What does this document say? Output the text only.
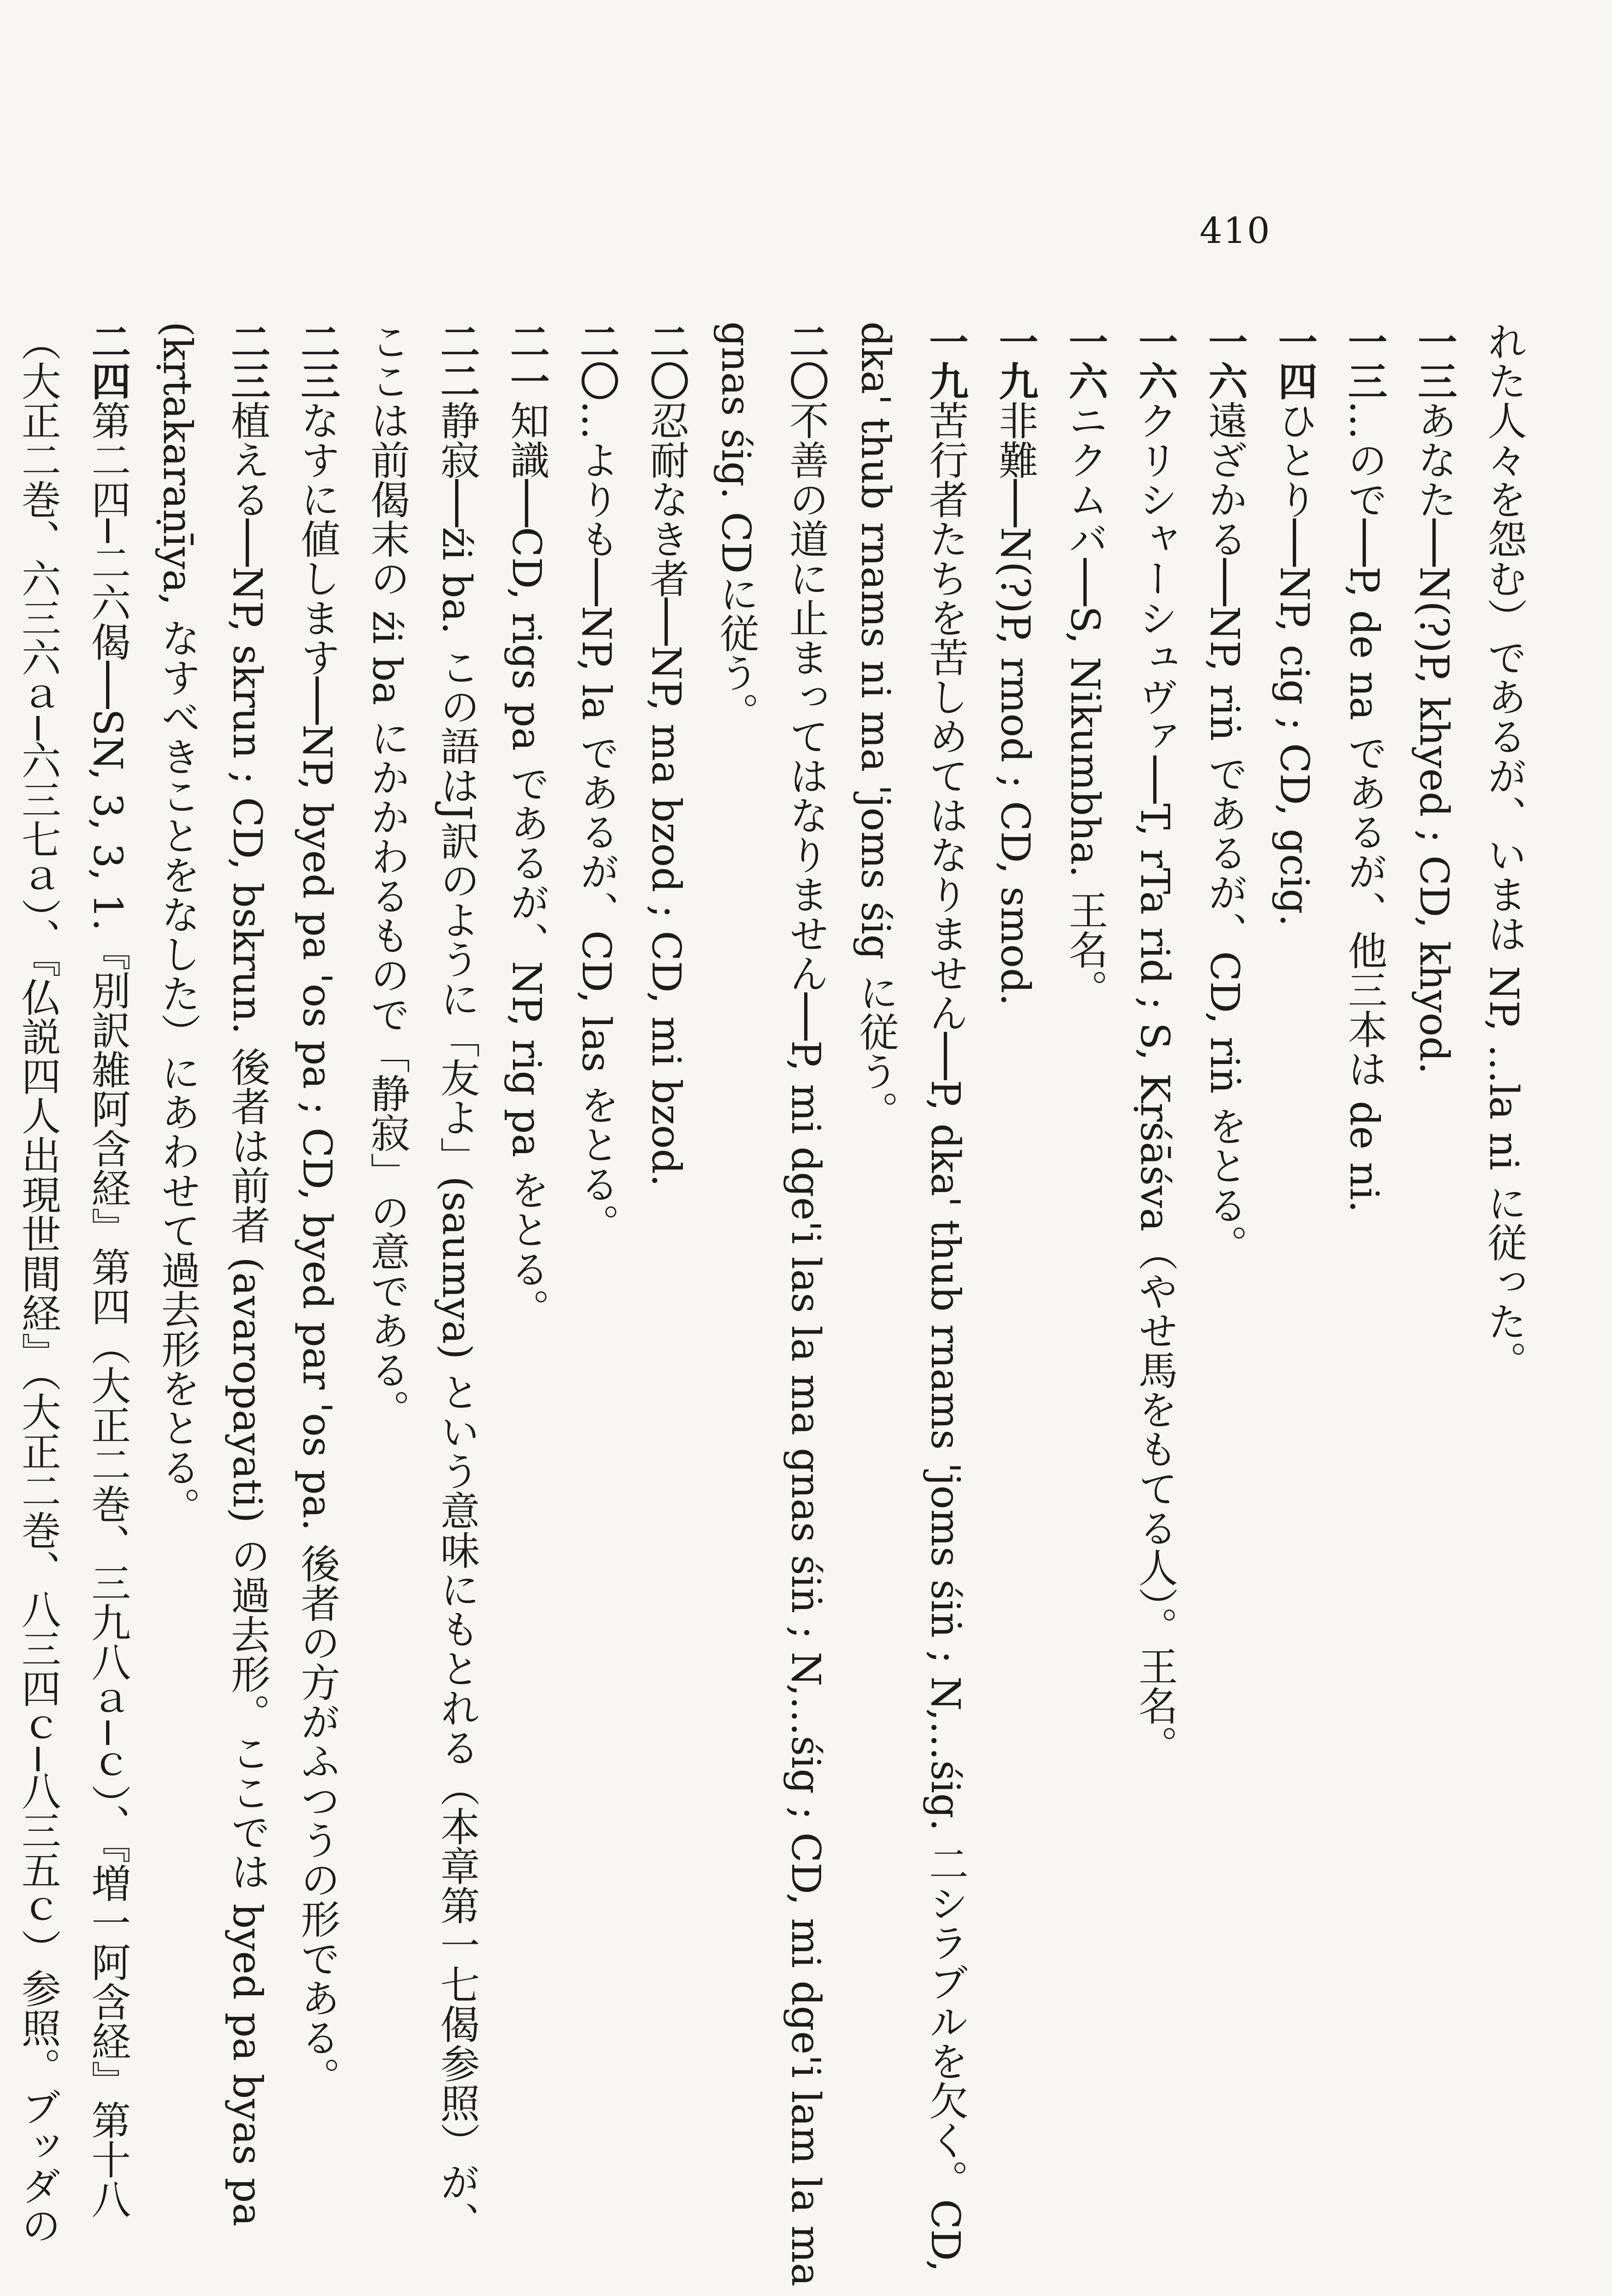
410
れた人々を怨む）であるが、いまは NP, …la ni に従った。
一三あなた──N(?)P, khyed ; CD, khyod.
一三…ので──P, de na であるが、他三本は de ni.
一四ひとり──NP, cig ; CD, gcig.
一六遠ざかる──NP, riṅ であるが、CD, riṅ をとる。
一六クリシャーシュヴァ──T, rTa rid ; S, Kṛśāśva（やせ馬をもてる人）。王名。
一六ニクムバ──S, Nikumbha. 王名。
一九非難──N(?)P, rmod ; CD, smod.
一九苦行者たちを苦しめてはなりません──P, dka' thub rnams 'joms śiṅ ; N,…śig. 二シラブルを欠く。CD,
dka' thub rnams ni ma 'joms śig に従う。
二〇不善の道に止まってはなりません──P, mi dge'i las la ma gnas śiṅ ; N,…śig ; CD, mi dge'i lam la ma
gnas śig. CDに従う。
二〇忍耐なき者──NP, ma bzod ; CD, mi bzod.
二〇…よりも──NP, la であるが、CD, las をとる。
二一知識──CD, rigs pa であるが、NP, rig pa をとる。
二二静寂──źi ba. この語はJ訳のように「友よ」(saumya) という意味にもとれる（本章第一七偈参照）が、
ここは前偈末の źi ba にかかわるもので「静寂」の意である。
二三なすに値します──NP, byed pa 'os pa ; CD, byed par 'os pa. 後者の方がふつうの形である。
二三植える──NP, skrun ; CD, bskrun. 後者は前者 (avaropayati) の過去形。ここでは byed pa byas pa
(kṛtakaraṇīya, なすべきことをなした）にあわせて過去形をとる。
二四第二四─二六偈──SN, 3, 3, 1.『別訳雑阿含経』第四（大正二巻、三九八ａ─ｃ）、『増一阿含経』第十八
（大正二巻、六三六ａ─六三七ａ）、『仏説四人出現世間経』（大正二巻、八三四ｃ─八三五ｃ）参照。ブッダの
